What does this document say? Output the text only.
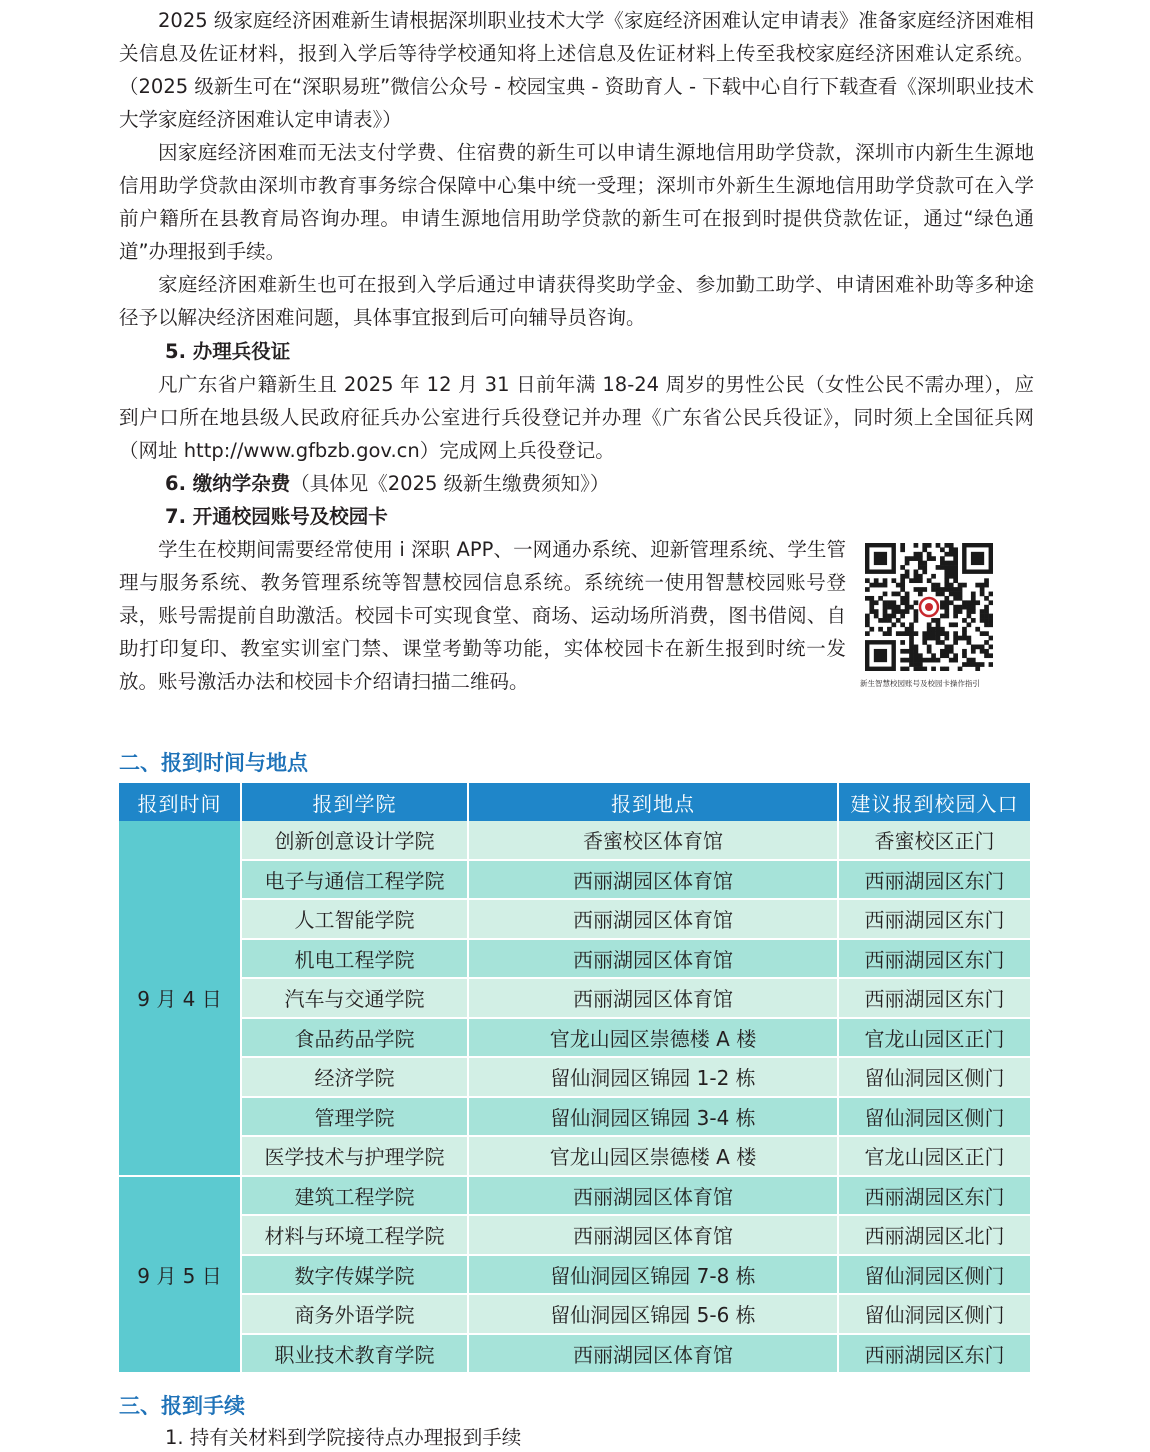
2025 级家庭经济困难新生请根据深圳职业技术大学《家庭经济困难认定申请表》准备家庭经济困难相关信息及佐证材料，报到入学后等待学校通知将上述信息及佐证材料上传至我校家庭经济困难认定系统。（2025 级新生可在“深职易班”微信公众号 - 校园宝典 - 资助育人 - 下载中心自行下载查看《深圳职业技术大学家庭经济困难认定申请表》）

因家庭经济困难而无法支付学费、住宿费的新生可以申请生源地信用助学贷款，深圳市内新生生源地信用助学贷款由深圳市教育事务综合保障中心集中统一受理；深圳市外新生生源地信用助学贷款可在入学前户籍所在县教育局咨询办理。申请生源地信用助学贷款的新生可在报到时提供贷款佐证，通过“绿色通道”办理报到手续。

家庭经济困难新生也可在报到入学后通过申请获得奖助学金、参加勤工助学、申请困难补助等多种途径予以解决经济困难问题，具体事宜报到后可向辅导员咨询。

5. 办理兵役证

凡广东省户籍新生且 2025 年 12 月 31 日前年满 18-24 周岁的男性公民（女性公民不需办理），应到户口所在地县级人民政府征兵办公室进行兵役登记并办理《广东省公民兵役证》，同时须上全国征兵网（网址 http://www.gfbzb.gov.cn）完成网上兵役登记。

6. 缴纳学杂费（具体见《2025 级新生缴费须知》）
7. 开通校园账号及校园卡

学生在校期间需要经常使用 i 深职 APP、一网通办系统、迎新管理系统、学生管理与服务系统、教务管理系统等智慧校园信息系统。系统统一使用智慧校园账号登录，账号需提前自助激活。校园卡可实现食堂、商场、运动场所消费，图书借阅、自助打印复印、教室实训室门禁、课堂考勤等功能，实体校园卡在新生报到时统一发放。账号激活办法和校园卡介绍请扫描二维码。	新生智慧校园账号及校园卡操作指引
二、报到时间与地点
报到时间	报到学院	报到地点	建议报到校园入口
9 月 4 日	创新创意设计学院	香蜜校区体育馆	香蜜校区正门
	电子与通信工程学院	西丽湖园区体育馆	西丽湖园区东门
	人工智能学院	西丽湖园区体育馆	西丽湖园区东门
	机电工程学院	西丽湖园区体育馆	西丽湖园区东门
	汽车与交通学院	西丽湖园区体育馆	西丽湖园区东门
	食品药品学院	官龙山园区崇德楼 A 楼	官龙山园区正门
	经济学院	留仙洞园区锦园 1-2 栋	留仙洞园区侧门
	管理学院	留仙洞园区锦园 3-4 栋	留仙洞园区侧门
	医学技术与护理学院	官龙山园区崇德楼 A 楼	官龙山园区正门
9 月 5 日	建筑工程学院	西丽湖园区体育馆	西丽湖园区东门
	材料与环境工程学院	西丽湖园区体育馆	西丽湖园区北门
	数字传媒学院	留仙洞园区锦园 7-8 栋	留仙洞园区侧门
	商务外语学院	留仙洞园区锦园 5-6 栋	留仙洞园区侧门
	职业技术教育学院	西丽湖园区体育馆	西丽湖园区东门
三、报到手续
1. 持有关材料到学院接待点办理报到手续
